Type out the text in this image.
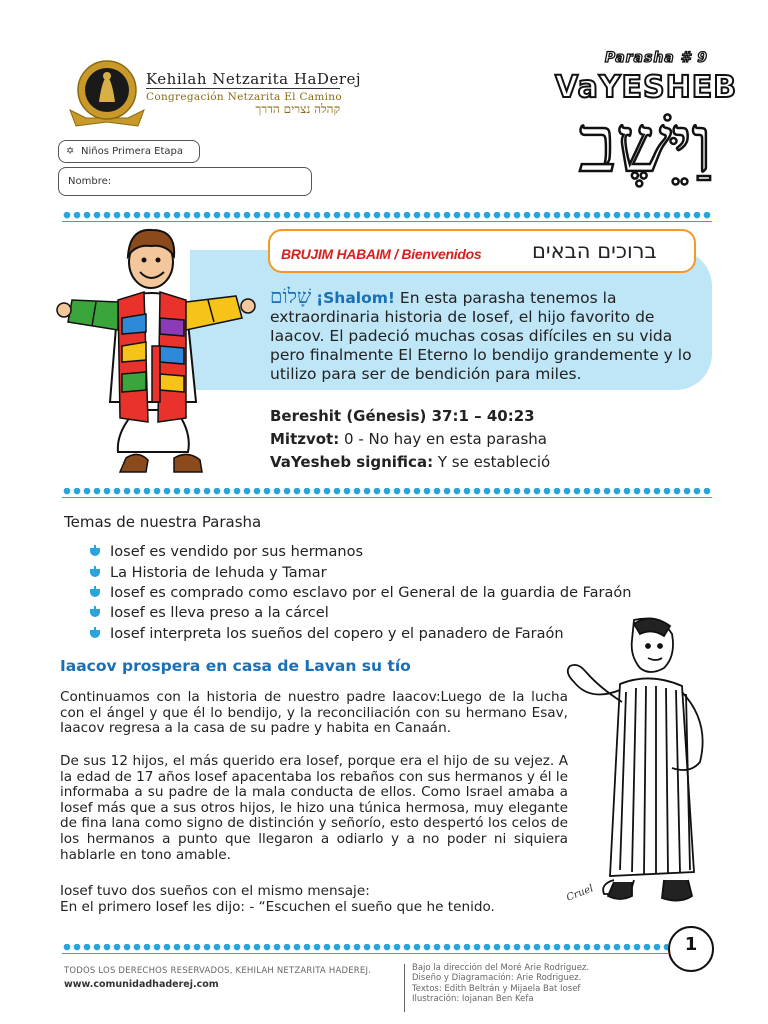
Kehilah Netzarita HaDerej
Congregación Netzarita El Camino
קהלה נצרים הדרך
Parasha # 9
VaYESHEB
וַיֵּשֶׁב
✡ Niños Primera Etapa
Nombre:
BRUJIM HABAIM / Bienvenidos ברוכים הבאים
שָׁלוֹם ¡Shalom! En esta parasha tenemos la extraordinaria historia de Iosef, el hijo favorito de Iaacov. El padeció muchas cosas difíciles en su vida pero finalmente El Eterno lo bendijo grandemente y lo utilizo para ser de bendición para miles.
Bereshit (Génesis) 37:1 – 40:23
Mitzvot: 0 - No hay en esta parasha
VaYesheb significa: Y se estableció
Temas de nuestra Parasha
Iosef es vendido por sus hermanos
La Historia de Iehuda y Tamar
Iosef es comprado como esclavo por el General de la guardia de Faraón
Iosef es lleva preso a la cárcel
Iosef interpreta los sueños del copero y el panadero de Faraón
Iaacov prospera en casa de Lavan su tío
Continuamos con la historia de nuestro padre Iaacov:Luego de la lucha con el ángel y que él lo bendijo, y la reconciliación con su hermano Esav, Iaacov regresa a la casa de su padre y habita en Canaán.
De sus 12 hijos, el más querido era Iosef, porque era el hijo de su vejez. A la edad de 17 años Iosef apacentaba los rebaños con sus hermanos y él le informaba a su padre de la mala conducta de ellos. Como Israel amaba a Iosef más que a sus otros hijos, le hizo una túnica hermosa, muy elegante de fina lana como signo de distinción y señorío, esto despertó los celos de los hermanos a punto que llegaron a odiarlo y a no poder ni siquiera hablarle en tono amable.
Iosef tuvo dos sueños con el mismo mensaje:
En el primero Iosef les dijo: - “Escuchen el sueño que he tenido.
Cruel
1
TODOS LOS DERECHOS RESERVADOS, KEHILAH NETZARITA HADEREJ.
www.comunidadhaderej.com
Bajo la dirección del Moré Arie Rodriguez.
Diseño y Diagramación: Arie Rodriguez.
Textos: Edith Beltrán y Mijaela Bat Iosef
Ilustración: Iojanan Ben Kefa
